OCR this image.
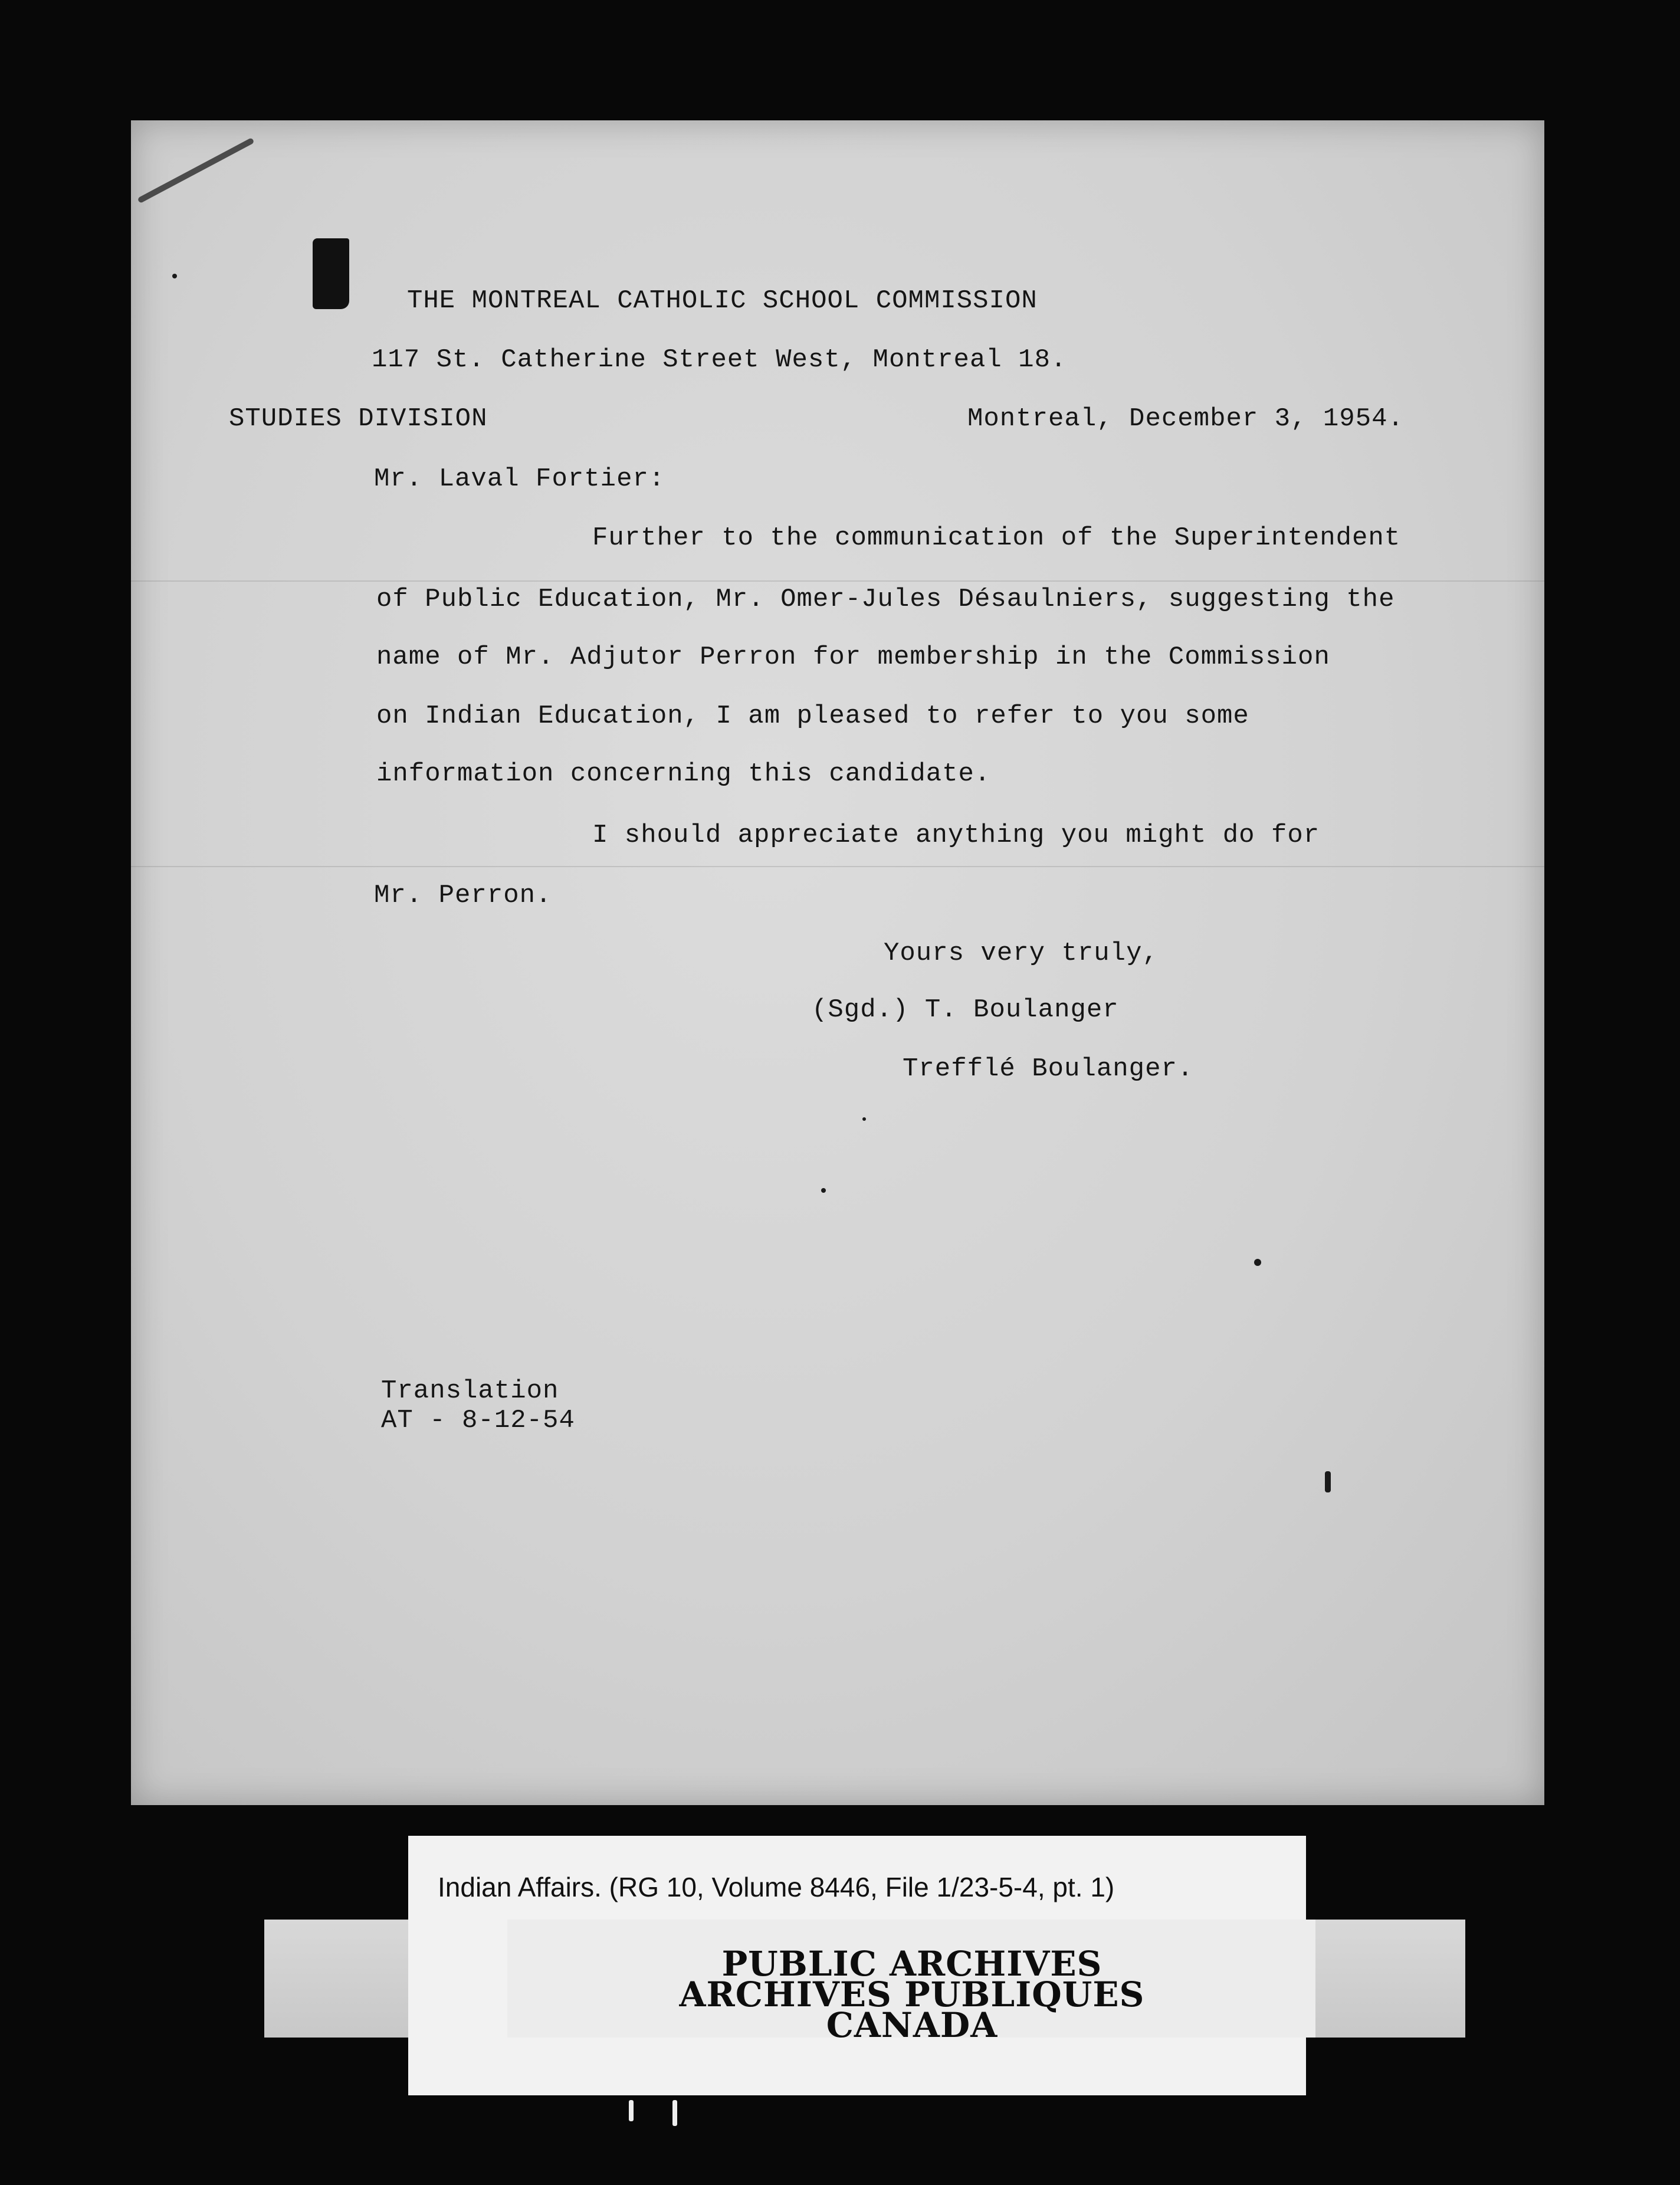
THE MONTREAL CATHOLIC SCHOOL COMMISSION
117 St. Catherine Street West, Montreal 18.
STUDIES DIVISION	Montreal, December 3, 1954.
Mr. Laval Fortier:
Further to the communication of the Superintendent
of Public Education, Mr. Omer-Jules Désaulniers, suggesting the
name of Mr. Adjutor Perron for membership in the Commission
on Indian Education, I am pleased to refer to you some
information concerning this candidate.
I should appreciate anything you might do for
Mr. Perron.
Yours very truly,
(Sgd.) T. Boulanger
Trefflé Boulanger.
Translation
AT - 8-12-54
Indian Affairs. (RG 10, Volume 8446, File 1/23-5-4, pt. 1)
PUBLIC ARCHIVES
ARCHIVES PUBLIQUES
CANADA
